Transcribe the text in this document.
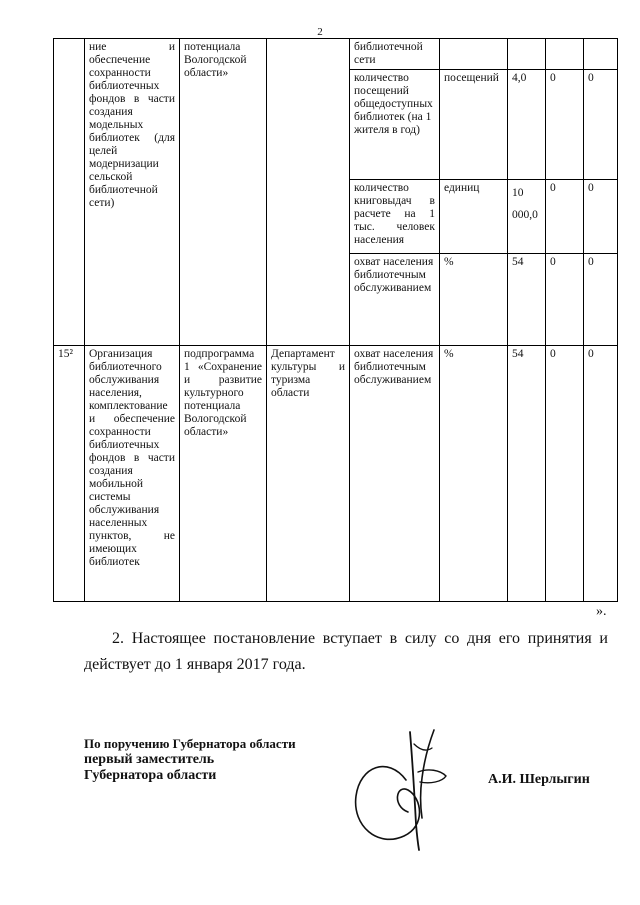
2
	ние и обеспечение сохранности библиотечных фондов в части создания модельных библиотек (для целей модернизации сельской библиотечной сети)	потенциала Вологодской области»		библиотечной сети				
				количество посещений общедоступных библиотек (на 1 жителя в год)	посещений	4,0	0	0
				количество книговыдач в расчете на 1 тыс. человек населения	единиц	10 000,0	0	0
				охват населения библиотечным обслуживанием	%	54	0	0
15²	Организация библиотечного обслуживания населения, комплектование и обеспечение сохранности библиотечных фондов в части создания мобильной системы обслуживания населенных пунктов, не имеющих библиотек	подпрограмма 1 «Сохранение и развитие культурного потенциала Вологодской области»	Департамент культуры и туризма области	охват населения библиотечным обслуживанием	%	54	0	0
».

2. Настоящее постановление вступает в силу со дня его принятия и

действует до 1 января 2017 года.

По поручению Губернатора области
первый заместитель
Губернатора области	А.И. Шерлыгин
